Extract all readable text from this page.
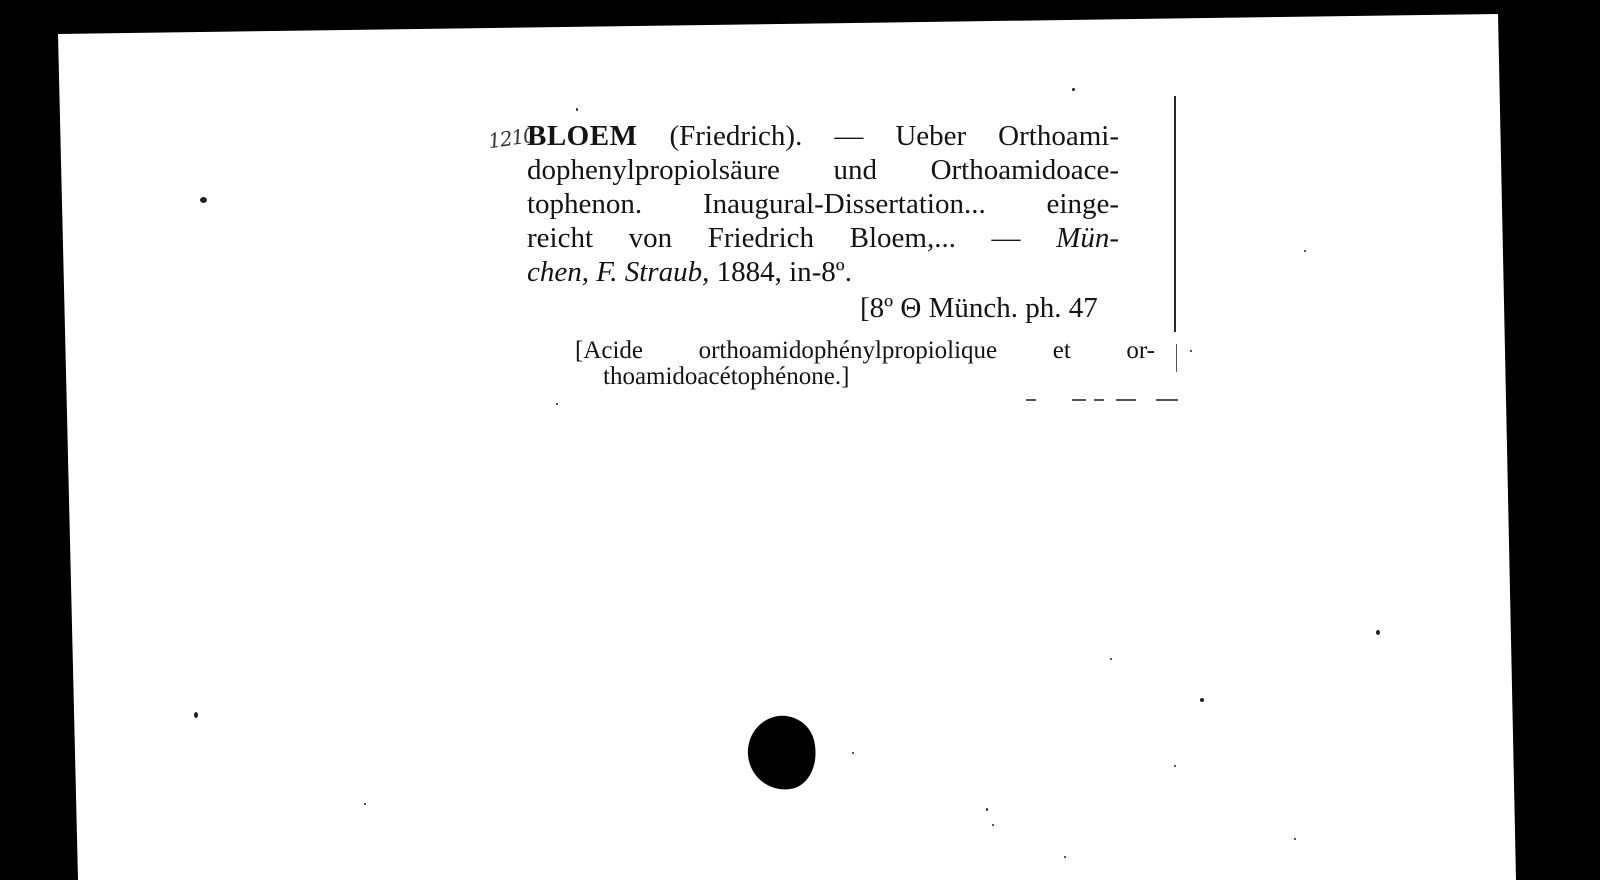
1210
BLOEM (Friedrich). — Ueber Orthoami-
dophenylpropiolsäure und Orthoamidoace-
tophenon. Inaugural-Dissertation... einge-
reicht von Friedrich Bloem,... — Mün-
chen, F. Straub, 1884, in-8º.
[8º Θ Münch. ph. 47
[Acide orthoamidophénylpropiolique et or-
thoamidoacétophénone.]
